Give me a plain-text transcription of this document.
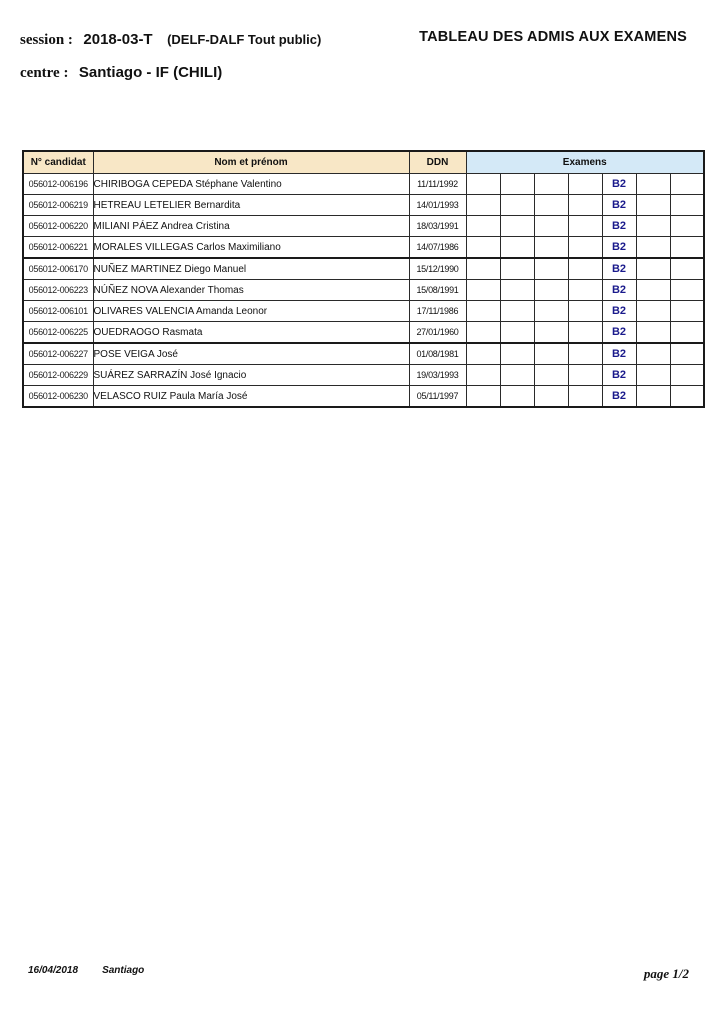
session : 2018-03-T (DELF-DALF Tout public)
centre : Santiago - IF (CHILI)
TABLEAU DES ADMIS AUX EXAMENS
N° candidat	Nom et prénom	DDN	Examens						
056012-006196	CHIRIBOGA CEPEDA Stéphane Valentino	11/11/1992					B2		
056012-006219	HETREAU LETELIER Bernardita	14/01/1993					B2		
056012-006220	MILIANI PÁEZ Andrea Cristina	18/03/1991					B2		
056012-006221	MORALES VILLEGAS Carlos Maximiliano	14/07/1986					B2		
056012-006170	NUÑEZ MARTINEZ Diego Manuel	15/12/1990					B2		
056012-006223	NÚÑEZ NOVA Alexander Thomas	15/08/1991					B2		
056012-006101	OLIVARES VALENCIA Amanda Leonor	17/11/1986					B2		
056012-006225	OUEDRAOGO Rasmata	27/01/1960					B2		
056012-006227	POSE VEIGA José	01/08/1981					B2		
056012-006229	SUÁREZ SARRAZÍN José Ignacio	19/03/1993					B2		
056012-006230	VELASCO RUIZ Paula María José	05/11/1997					B2		
16/04/2018 Santiago	page 1/2
